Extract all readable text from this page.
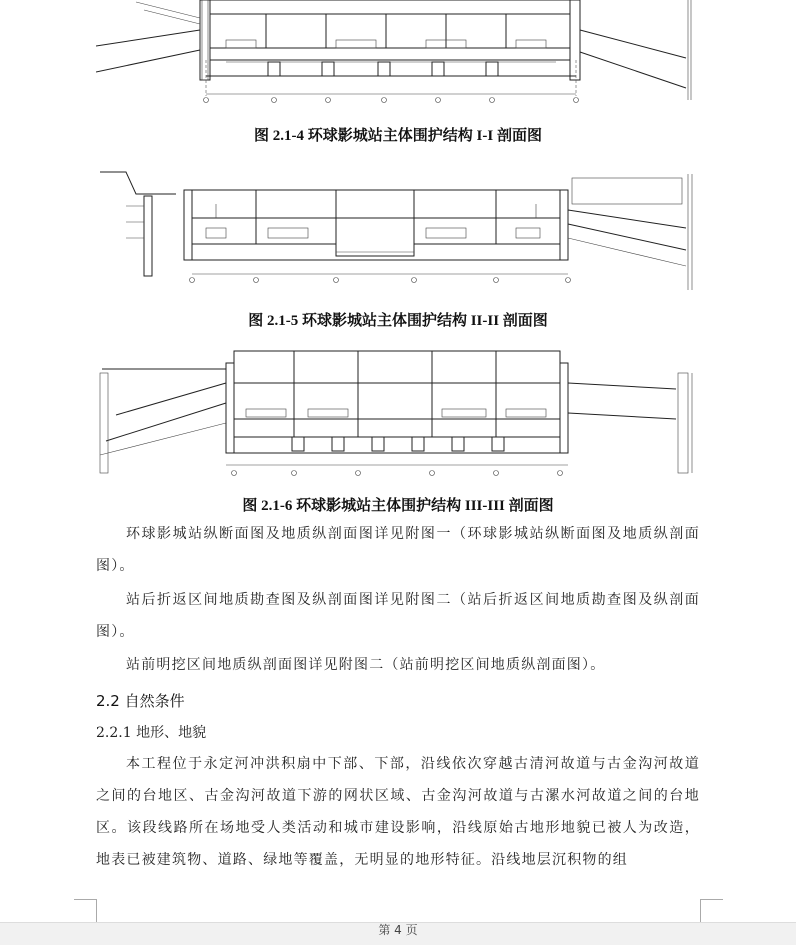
图 2.1-4 环球影城站主体围护结构 I-I 剖面图
图 2.1-5 环球影城站主体围护结构 II-II 剖面图
图 2.1-6 环球影城站主体围护结构 III-III 剖面图
环球影城站纵断面图及地质纵剖面图详见附图一（环球影城站纵断面图及地质纵剖面图）。
站后折返区间地质勘查图及纵剖面图详见附图二（站后折返区间地质勘查图及纵剖面图）。
站前明挖区间地质纵剖面图详见附图二（站前明挖区间地质纵剖面图）。
2.2 自然条件
2.2.1 地形、地貌
本工程位于永定河冲洪积扇中下部、下部，沿线依次穿越古清河故道与古金沟河故道之间的台地区、古金沟河故道下游的网状区域、古金沟河故道与古漯水河故道之间的台地区。该段线路所在场地受人类活动和城市建设影响，沿线原始古地形地貌已被人为改造，地表已被建筑物、道路、绿地等覆盖，无明显的地形特征。沿线地层沉积物的组
第 4 页
